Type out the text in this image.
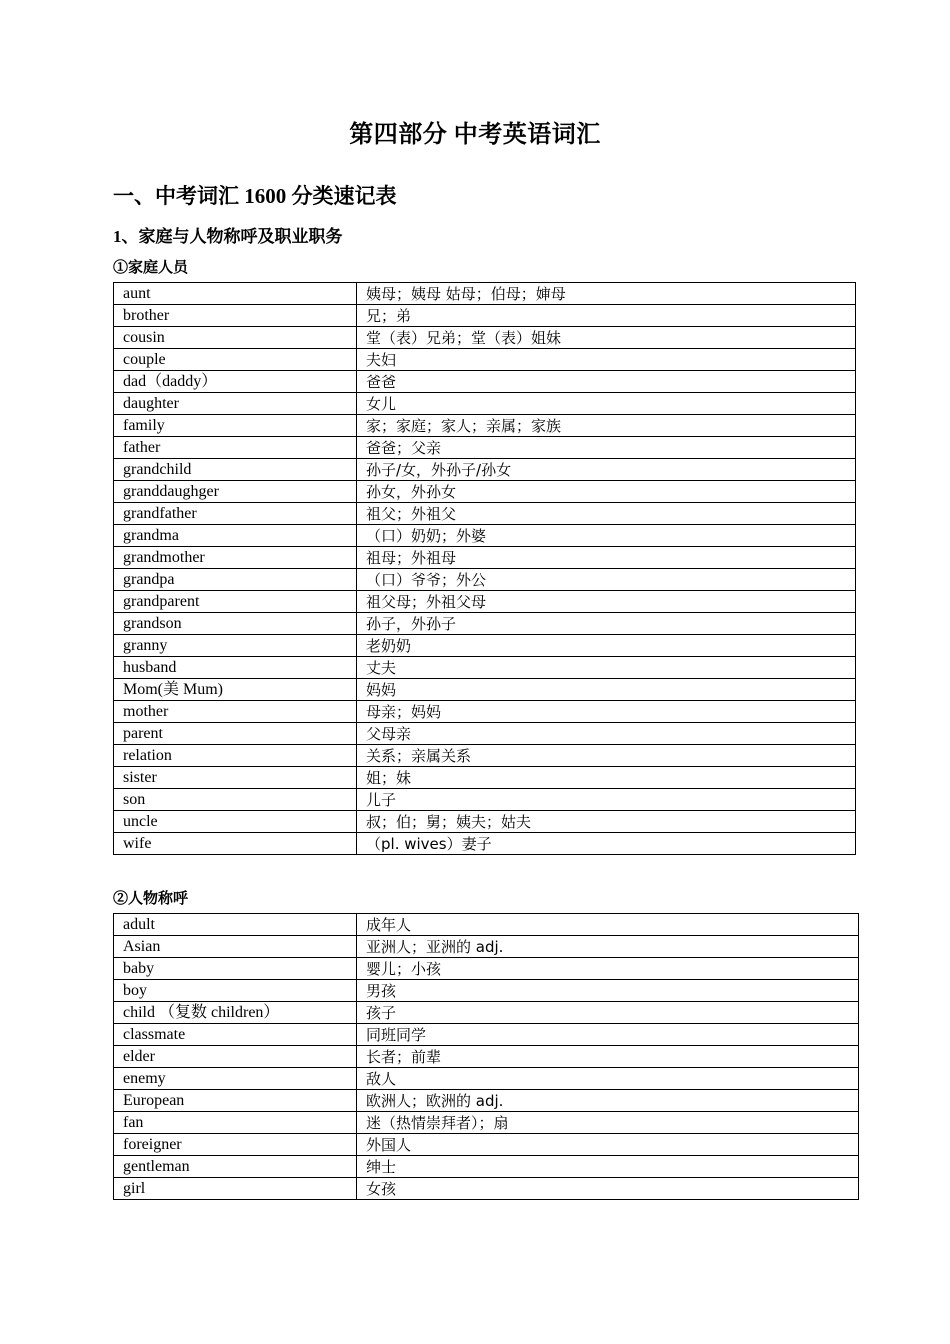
第四部分 中考英语词汇
一、中考词汇 1600 分类速记表
1、家庭与人物称呼及职业职务
①家庭人员
aunt	姨母；姨母 姑母；伯母；婶母
brother	兄；弟
cousin	堂（表）兄弟；堂（表）姐妹
couple	夫妇
dad（daddy）	爸爸
daughter	女儿
family	家；家庭；家人；亲属；家族
father	爸爸；父亲
grandchild	孙子/女，外孙子/孙女
granddaughger	孙女，外孙女
grandfather	祖父；外祖父
grandma	（口）奶奶；外婆
grandmother	祖母；外祖母
grandpa	（口）爷爷；外公
grandparent	祖父母；外祖父母
grandson	孙子，外孙子
granny	老奶奶
husband	丈夫
Mom(美 Mum)	妈妈
mother	母亲；妈妈
parent	父母亲
relation	关系；亲属关系
sister	姐；妹
son	儿子
uncle	叔；伯；舅；姨夫；姑夫
wife	（pl. wives）妻子
②人物称呼
adult	成年人
Asian	亚洲人；亚洲的 adj.
baby	婴儿；小孩
boy	男孩
child （复数 children）	孩子
classmate	同班同学
elder	长者；前辈
enemy	敌人
European	欧洲人；欧洲的 adj.
fan	迷（热情崇拜者）；扇
foreigner	外国人
gentleman	绅士
girl	女孩
